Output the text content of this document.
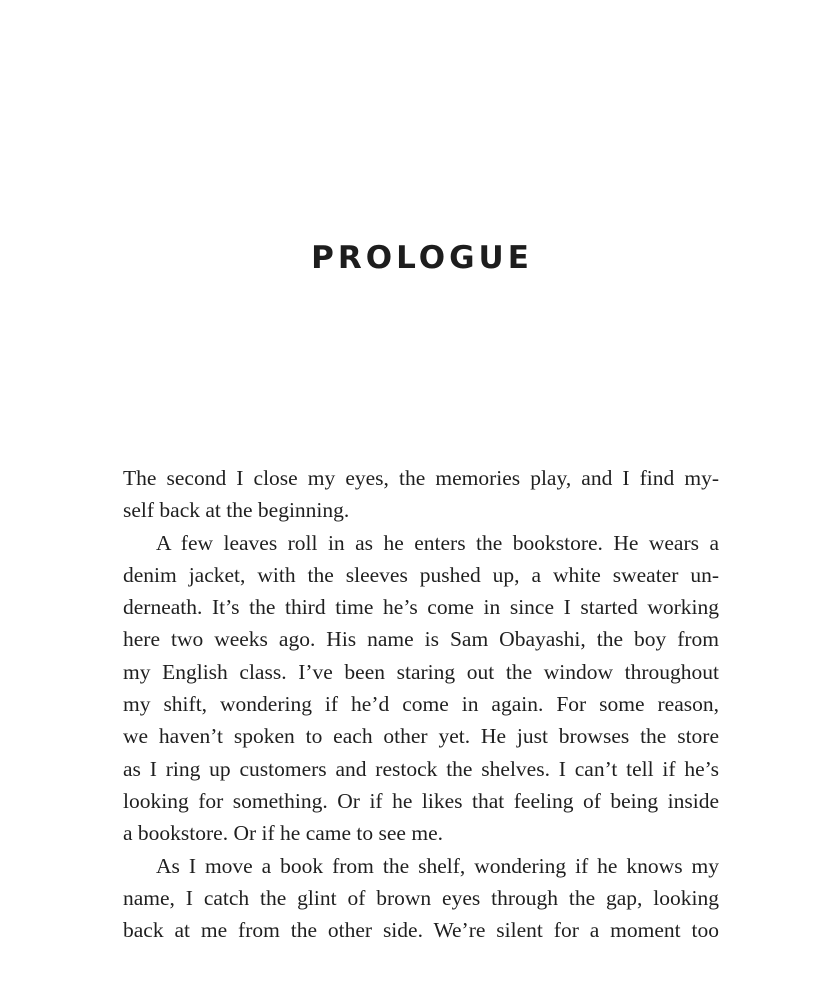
PROLOGUE
The second I close my eyes, the memories play, and I find my-
self back at the beginning.
A few leaves roll in as he enters the bookstore. He wears a
denim jacket, with the sleeves pushed up, a white sweater un-
derneath. It’s the third time he’s come in since I started working
here two weeks ago. His name is Sam Obayashi, the boy from
my English class. I’ve been staring out the window throughout
my shift, wondering if he’d come in again. For some reason,
we haven’t spoken to each other yet. He just browses the store
as I ring up customers and restock the shelves. I can’t tell if he’s
looking for something. Or if he likes that feeling of being inside
a bookstore. Or if he came to see me.
As I move a book from the shelf, wondering if he knows my
name, I catch the glint of brown eyes through the gap, looking
back at me from the other side. We’re silent for a moment too
